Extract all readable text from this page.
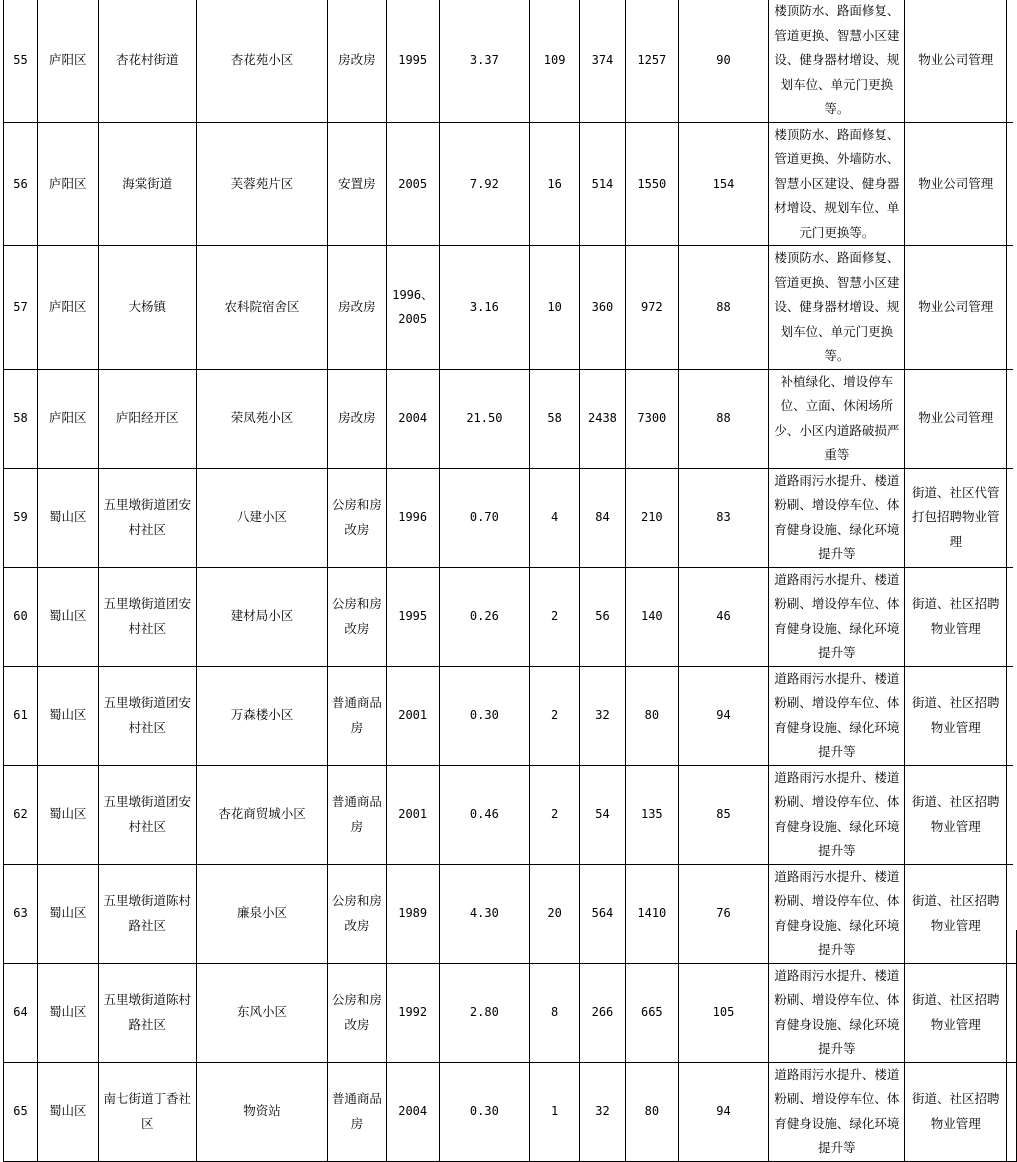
55	庐阳区	杏花村街道	杏花苑小区	房改房	1995	3.37	109	374	1257	90	楼顶防水、路面修复、管道更换、智慧小区建设、健身器材增设、规划车位、单元门更换等。	物业公司管理	
56	庐阳区	海棠街道	芙蓉苑片区	安置房	2005	7.92	16	514	1550	154	楼顶防水、路面修复、管道更换、外墙防水、智慧小区建设、健身器材增设、规划车位、单元门更换等。	物业公司管理	
57	庐阳区	大杨镇	农科院宿舍区	房改房	1996、2005	3.16	10	360	972	88	楼顶防水、路面修复、管道更换、智慧小区建设、健身器材增设、规划车位、单元门更换等。	物业公司管理	
58	庐阳区	庐阳经开区	荣凤苑小区	房改房	2004	21.50	58	2438	7300	88	补植绿化、增设停车位、立面、休闲场所少、小区内道路破损严重等	物业公司管理	
59	蜀山区	五里墩街道团安村社区	八建小区	公房和房改房	1996	0.70	4	84	210	83	道路雨污水提升、楼道粉刷、增设停车位、体育健身设施、绿化环境提升等	街道、社区代管打包招聘物业管理	
60	蜀山区	五里墩街道团安村社区	建材局小区	公房和房改房	1995	0.26	2	56	140	46	道路雨污水提升、楼道粉刷、增设停车位、体育健身设施、绿化环境提升等	街道、社区招聘物业管理	
61	蜀山区	五里墩街道团安村社区	万森楼小区	普通商品房	2001	0.30	2	32	80	94	道路雨污水提升、楼道粉刷、增设停车位、体育健身设施、绿化环境提升等	街道、社区招聘物业管理	
62	蜀山区	五里墩街道团安村社区	杏花商贸城小区	普通商品房	2001	0.46	2	54	135	85	道路雨污水提升、楼道粉刷、增设停车位、体育健身设施、绿化环境提升等	街道、社区招聘物业管理	
63	蜀山区	五里墩街道陈村路社区	廉泉小区	公房和房改房	1989	4.30	20	564	1410	76	道路雨污水提升、楼道粉刷、增设停车位、体育健身设施、绿化环境提升等	街道、社区招聘物业管理	
64	蜀山区	五里墩街道陈村路社区	东风小区	公房和房改房	1992	2.80	8	266	665	105	道路雨污水提升、楼道粉刷、增设停车位、体育健身设施、绿化环境提升等	街道、社区招聘物业管理	
65	蜀山区	南七街道丁香社区	物资站	普通商品房	2004	0.30	1	32	80	94	道路雨污水提升、楼道粉刷、增设停车位、体育健身设施、绿化环境提升等	街道、社区招聘物业管理	
